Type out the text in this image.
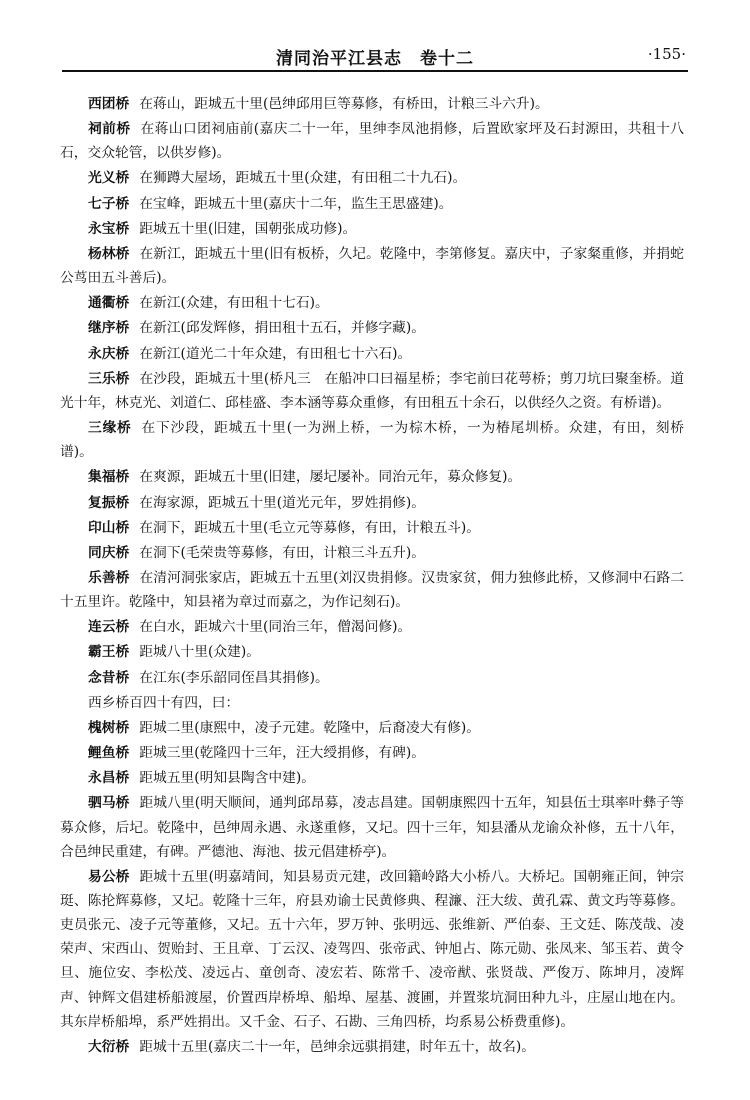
清同治平江县志　卷十二	·155·
西团桥 在蒋山，距城五十里(邑绅邱用巨等募修，有桥田，计粮三斗六升)。
祠前桥 在蒋山口团祠庙前(嘉庆二十一年，里绅李凤池捐修，后置欧家坪及石封源田，共租十八石，交众轮管，以供岁修)。
光义桥 在狮蹲大屋场，距城五十里(众建，有田租二十九石)。
七子桥 在宝峰，距城五十里(嘉庆十二年，监生王思盛建)。
永宝桥 距城五十里(旧建，国朝张成功修)。
杨林桥 在新江，距城五十里(旧有板桥，久圮。乾隆中，李第修复。嘉庆中，子家粲重修，并捐蛇公茑田五斗善后)。
通衢桥 在新江(众建，有田租十七石)。
继序桥 在新江(邱发辉修，捐田租十五石，并修字藏)。
永庆桥 在新江(道光二十年众建，有田租七十六石)。
三乐桥 在沙段，距城五十里(桥凡三　在船冲口曰福星桥；李宅前曰花萼桥；剪刀坑曰聚奎桥。道光十年，林克光、刘道仁、邱桂盛、李本涵等募众重修，有田租五十余石，以供经久之资。有桥谱)。
三缘桥 在下沙段，距城五十里(一为洲上桥，一为棕木桥，一为椿尾圳桥。众建，有田，刻桥谱)。
集福桥 在爽源，距城五十里(旧建，屡圮屡补。同治元年，募众修复)。
复振桥 在海家源，距城五十里(道光元年，罗姓捐修)。
印山桥 在洞下，距城五十里(毛立元等募修，有田，计粮五斗)。
同庆桥 在洞下(毛荣贵等募修，有田，计粮三斗五升)。
乐善桥 在清河洞张家店，距城五十五里(刘汉贵捐修。汉贵家贫，佣力独修此桥，又修洞中石路二十五里许。乾隆中，知县褚为章过而嘉之，为作记刻石)。
连云桥 在白水，距城六十里(同治三年，僧渴问修)。
霸王桥 距城八十里(众建)。
念昔桥 在江东(李乐韶同侄昌其捐修)。
西乡桥百四十有四，曰：
槐树桥 距城二里(康熙中，凌子元建。乾隆中，后裔凌大有修)。
鲤鱼桥 距城三里(乾隆四十三年，汪大绶捐修，有碑)。
永昌桥 距城五里(明知县陶含中建)。
驷马桥 距城八里(明天顺间，通判邱昂募，凌志昌建。国朝康熙四十五年，知县伍士琪率叶彝子等募众修，后圮。乾隆中，邑绅周永遇、永遂重修，又圮。四十三年，知县潘从龙谕众补修，五十八年，合邑绅民重建，有碑。严德池、海池、拔元倡建桥亭)。
易公桥 距城十五里(明嘉靖间，知县易贡元建，改回籍岭路大小桥八。大桥圮。国朝雍正间，钟宗珽、陈抡辉募修，又圮。乾隆十三年，府县劝谕士民黄修典、程濂、汪大绂、黄孔霖、黄文玙等募修。吏员张元、凌子元等董修，又圮。五十六年，罗万钟、张明远、张维新、严伯泰、王文廷、陈茂哉、凌荣声、宋西山、贺贻封、王且章、丁云汉、凌驾四、张帝武、钟旭占、陈元勋、张凤来、邹玉若、黄令旦、施位安、李松茂、凌远占、童创奇、凌宏若、陈常千、凌帝猷、张贤哉、严俊万、陈坤月，凌辉声、钟辉文倡建桥船渡屋，价置西岸桥埠、船埠、屋基、渡圃，并置浆坑洞田种九斗，庄屋山地在内。其东岸桥船埠，系严姓捐出。又千金、石子、石勘、三角四桥，均系易公桥费重修)。
大衍桥 距城十五里(嘉庆二十一年，邑绅余远骐捐建，时年五十，故名)。
